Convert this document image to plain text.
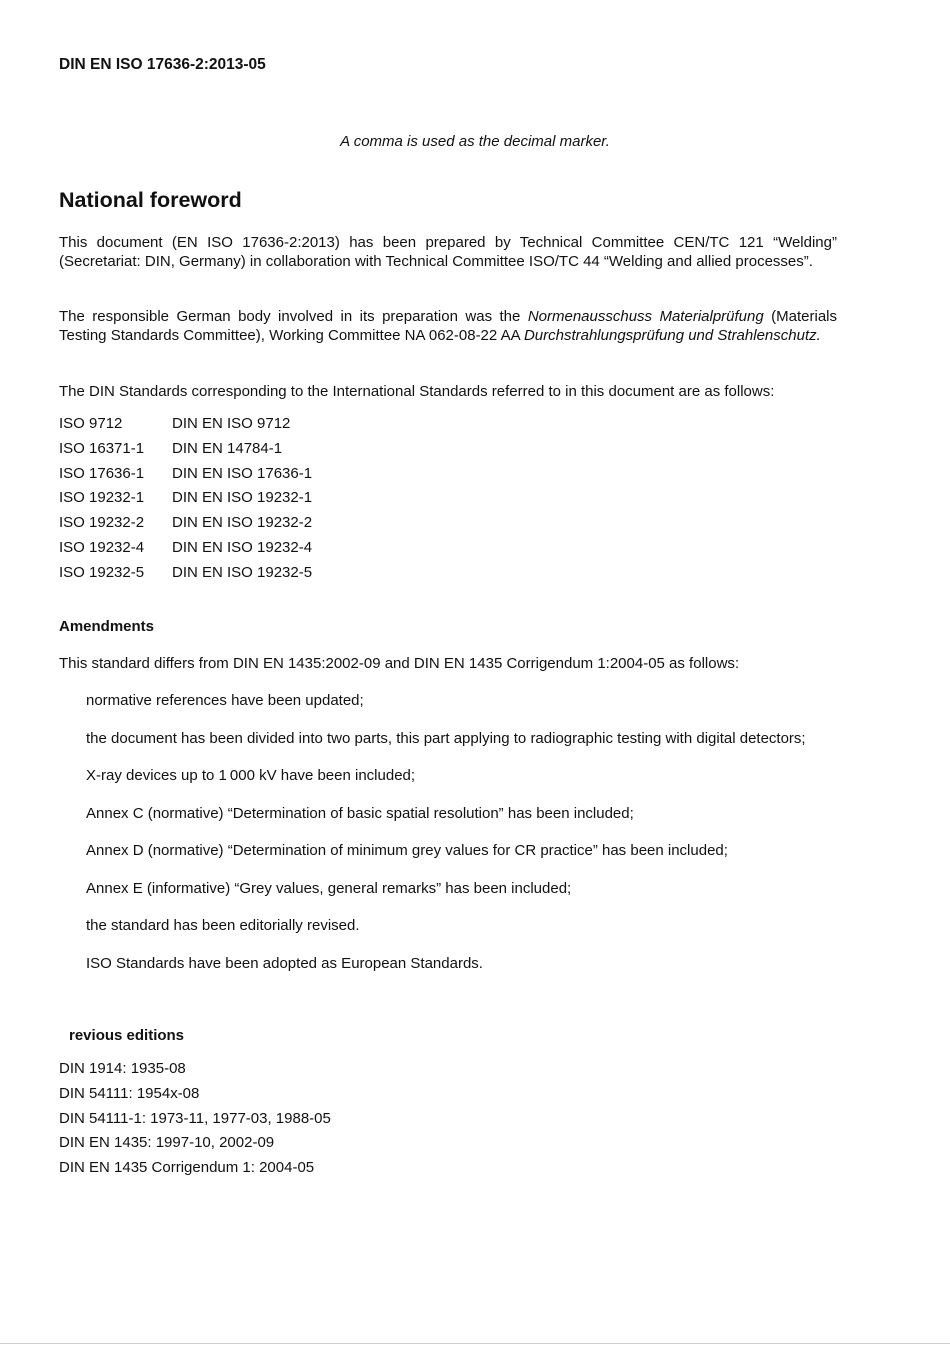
DIN EN ISO 17636-2:2013-05
A comma is used as the decimal marker.
National foreword
This document (EN ISO 17636-2:2013) has been prepared by Technical Committee CEN/TC 121 “Welding” (Secretariat: DIN, Germany) in collaboration with Technical Committee ISO/TC 44 “Welding and allied processes”.
The responsible German body involved in its preparation was the Normenausschuss Materialprüfung (Materials Testing Standards Committee), Working Committee NA 062-08-22 AA Durchstrahlungsprüfung und Strahlenschutz.
The DIN Standards corresponding to the International Standards referred to in this document are as follows:
ISO 9712	DIN EN ISO 9712
ISO 16371-1	DIN EN 14784-1
ISO 17636-1	DIN EN ISO 17636-1
ISO 19232-1	DIN EN ISO 19232-1
ISO 19232-2	DIN EN ISO 19232-2
ISO 19232-4	DIN EN ISO 19232-4
ISO 19232-5	DIN EN ISO 19232-5
Amendments
This standard differs from DIN EN 1435:2002-09 and DIN EN 1435 Corrigendum 1:2004-05 as follows:
normative references have been updated;
the document has been divided into two parts, this part applying to radiographic testing with digital detectors;
X-ray devices up to 1 000 kV have been included;
Annex C (normative) “Determination of basic spatial resolution” has been included;
Annex D (normative) “Determination of minimum grey values for CR practice” has been included;
Annex E (informative) “Grey values, general remarks” has been included;
the standard has been editorially revised.
ISO Standards have been adopted as European Standards.
revious editions
DIN 1914: 1935-08
DIN 54111: 1954x-08
DIN 54111-1: 1973-11, 1977-03, 1988-05
DIN EN 1435: 1997-10, 2002-09
DIN EN 1435 Corrigendum 1: 2004-05
